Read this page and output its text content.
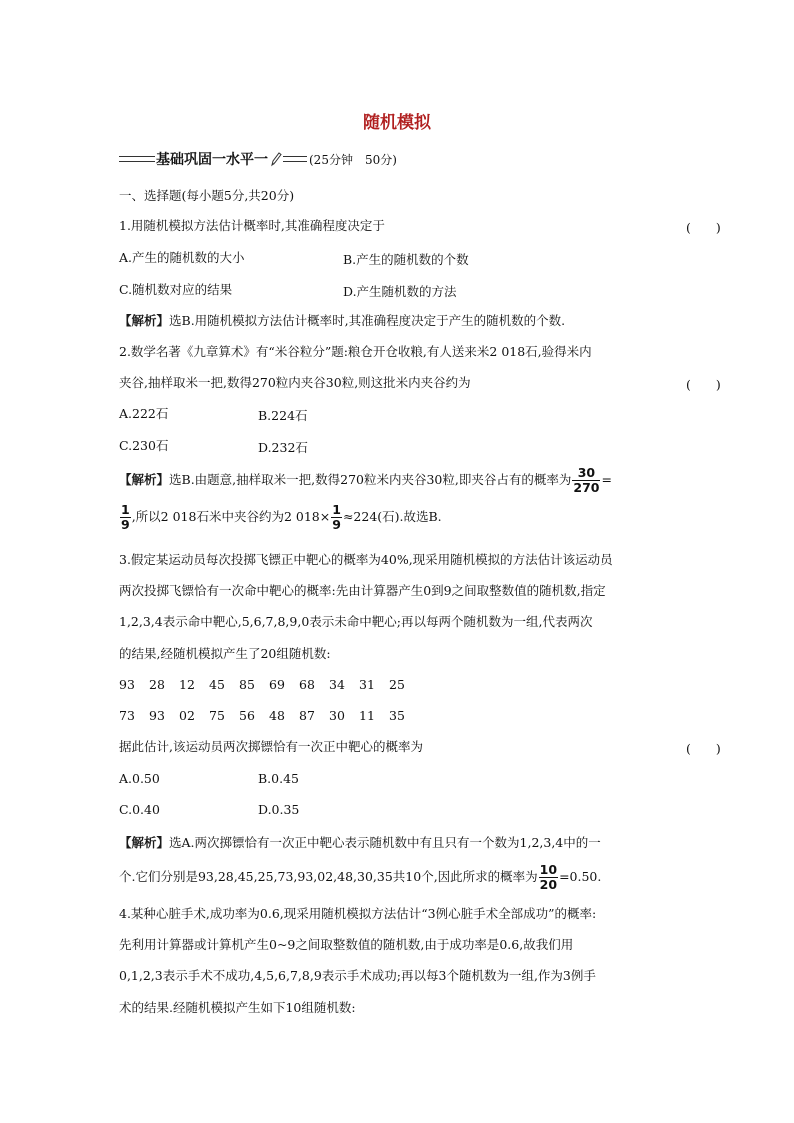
随机模拟
基础巩固一水平一	(25分钟　50分)
一、选择题(每小题5分,共20分)
1.用随机模拟方法估计概率时,其准确程度决定于	(　　)
A.产生的随机数的大小	B.产生的随机数的个数
C.随机数对应的结果	D.产生随机数的方法
【解析】选B.用随机模拟方法估计概率时,其准确程度决定于产生的随机数的个数.
2.数学名著《九章算术》有“米谷粒分”题:粮仓开仓收粮,有人送来米2 018石,验得米内
夹谷,抽样取米一把,数得270粒内夹谷30粒,则这批米内夹谷约为	(　　)
A.222石	B.224石
C.230石	D.232石
【解析】选B.由题意,抽样取米一把,数得270粒米内夹谷30粒,即夹谷占有的概率为 $\frac{30}{270}$ =
$\frac{1}{9}$ ,所以2 018石米中夹谷约为2 $018\times \frac{1}{9} \approx 224$(石).故选B.
3.假定某运动员每次投掷飞镖正中靶心的概率为40%,现采用随机模拟的方法估计该运动员
两次投掷飞镖恰有一次命中靶心的概率:先由计算器产生0到9之间取整数值的随机数,指定
1,2,3,4表示命中靶心,5,6,7,8,9,0表示未命中靶心;再以每两个随机数为一组,代表两次
的结果,经随机模拟产生了20组随机数:
93 28 12 45 85 69 68 34 31 25
73 93 02 75 56 48 87 30 11 35
据此估计,该运动员两次掷镖恰有一次正中靶心的概率为	(　　)
A.0.50	B.0.45
C.0.40	D.0.35
【解析】选A.两次掷镖恰有一次正中靶心表示随机数中有且只有一个数为1,2,3,4中的一
个.它们分别是93,28,45,25,73,93,02,48,30,35共10个,因此所求的概率为 $\frac{10}{20} =0.50$.
4.某种心脏手术,成功率为0.6,现采用随机模拟方法估计“3例心脏手术全部成功”的概率:
先利用计算器或计算机产生0~9之间取整数值的随机数,由于成功率是0.6,故我们用
0,1,2,3表示手术不成功,4,5,6,7,8,9表示手术成功;再以每3个随机数为一组,作为3例手
术的结果.经随机模拟产生如下10组随机数:
